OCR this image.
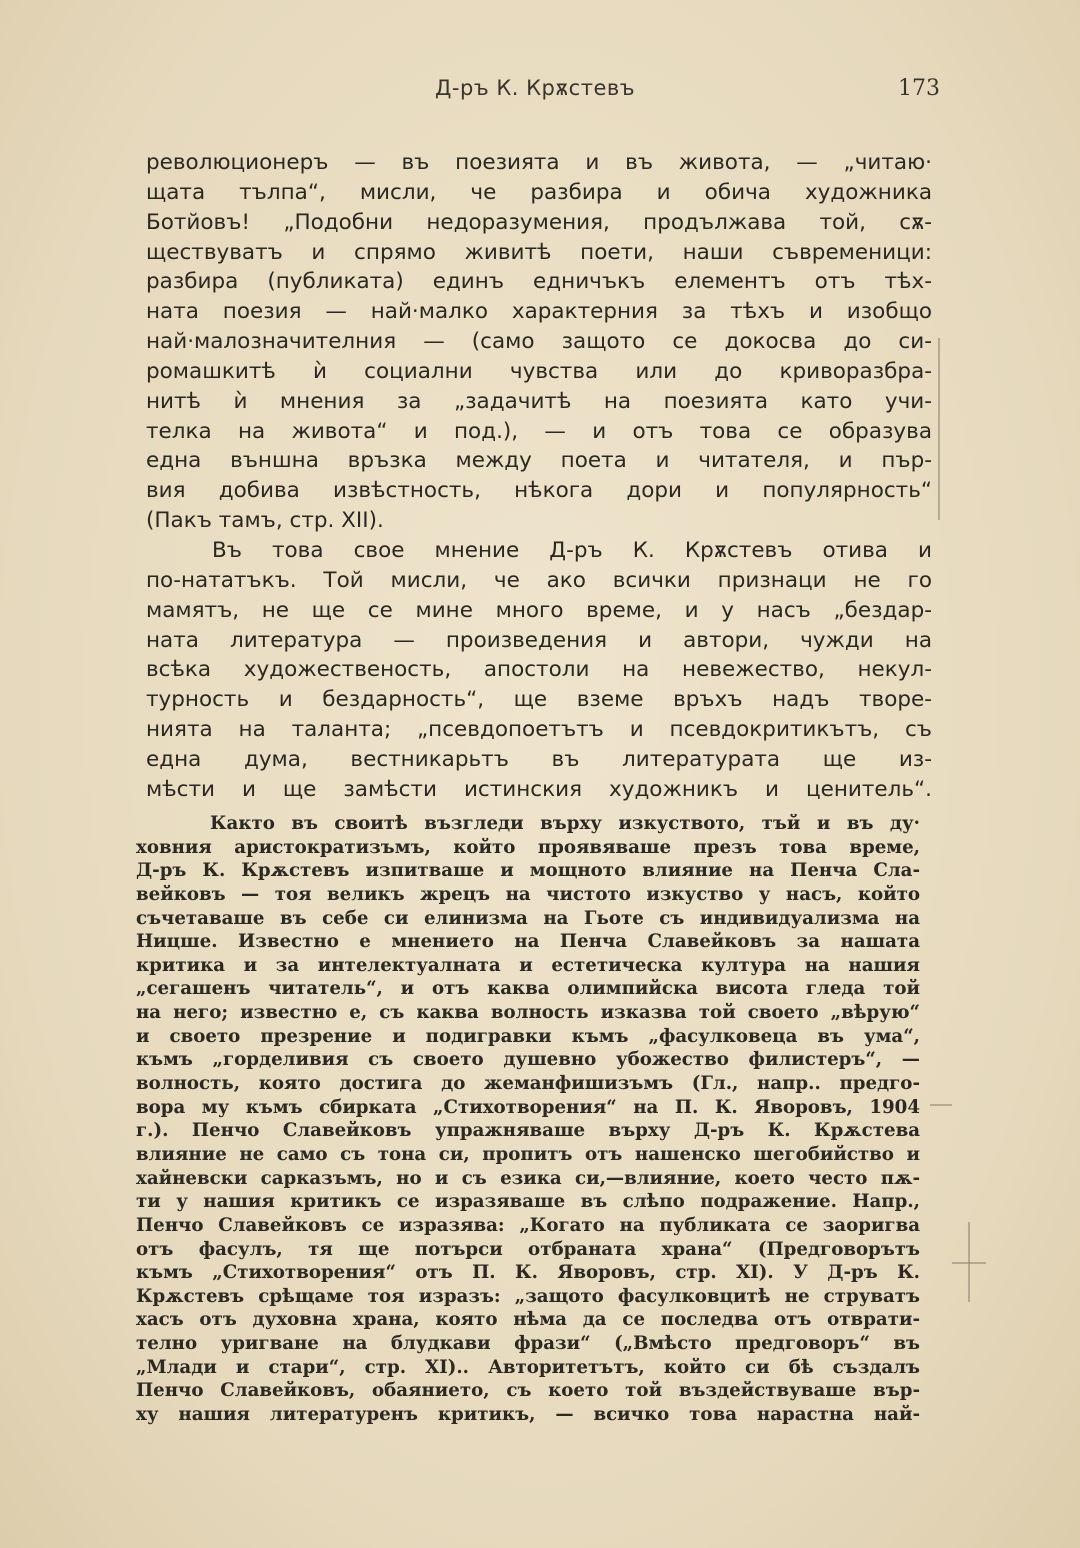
Д-ръ К. Крѫстевъ	173
революционеръ — въ поезията и въ живота, — „читаю·
щата тълпа“, мисли, че разбира и обича художника
Ботйовъ! „Подобни недоразумения, продължава той, сѫ-
ществуватъ и спрямо живитѣ поети, наши съвременици:
разбира (публиката) единъ едничъкъ елементъ отъ тѣх-
ната поезия — най·малко характерния за тѣхъ и изобщо
най·малозначителния — (само защото се докосва до си-
ромашкитѣ ѝ социални чувства или до криворазбра-
нитѣ ѝ мнения за „задачитѣ на поезията като учи-
телка на живота“ и под.), — и отъ това се образува
една външна връзка между поета и читателя, и пър-
вия добива извѣстность, нѣкога дори и популярность“
(Пакъ тамъ, стр. XII).
Въ това свое мнение Д-ръ К. Крѫстевъ отива и
по-нататъкъ. Той мисли, че ако всички признаци не го
мамятъ, не ще се мине много време, и у насъ „бездар-
ната литература — произведения и автори, чужди на
всѣка художественость, апостоли на невежество, некул-
турность и бездарность“, ще вземе връхъ надъ творе-
нията на таланта; „псевдопоетътъ и псевдокритикътъ, съ
една дума, вестникарьтъ въ литературата ще из-
мѣсти и ще замѣсти истинския художникъ и ценитель“.
Както въ своитѣ възгледи върху изкуството, тъй и въ ду·
ховния аристократизъмъ, който проявяваше презъ това време,
Д-ръ К. Крѫстевъ изпитваше и мощното влияние на Пенча Сла-
вейковъ — тоя великъ жрецъ на чистото изкуство у насъ, който
съчетаваше въ себе си елинизма на Гьоте съ индивидуализма на
Ницше. Известно е мнението на Пенча Славейковъ за нашата
критика и за интелектуалната и естетическа култура на нашия
„сегашенъ читатель“, и отъ каква олимпийска висота гледа той
на него; известно е, съ каква волность изказва той своето „вѣрую“
и своето презрение и подигравки къмъ „фасулковеца въ ума“,
къмъ „горделивия съ своето душевно убожество филистеръ“, —
волность, която достига до жеманфишизъмъ (Гл., напр.. предго-
вора му къмъ сбирката „Стихотворения“ на П. К. Яворовъ, 1904
г.). Пенчо Славейковъ упражняваше върху Д-ръ К. Крѫстева
влияние не само съ тона си, пропитъ отъ нашенско шегобийство и
хайневски сарказъмъ, но и съ езика си,—влияние, което често пѫ-
ти у нашия критикъ се изразяваше въ слѣпо подражение. Напр.,
Пенчо Славейковъ се изразява: „Когато на публиката се заоригва
отъ фасулъ, тя ще потърси отбраната храна“ (Предговорътъ
къмъ „Стихотворения“ отъ П. К. Яворовъ, стр. XI). У Д-ръ К.
Крѫстевъ срѣщаме тоя изразъ: „защото фасулковцитѣ не струватъ
хасъ отъ духовна храна, която нѣма да се последва отъ отврати-
телно уригване на блудкави фрази“ („Вмѣсто предговоръ“ въ
„Млади и стари“, стр. XI).. Авторитетътъ, който си бѣ създалъ
Пенчо Славейковъ, обаянието, съ което той въздействуваше вър-
ху нашия литературенъ критикъ, — всичко това нарастна най-
